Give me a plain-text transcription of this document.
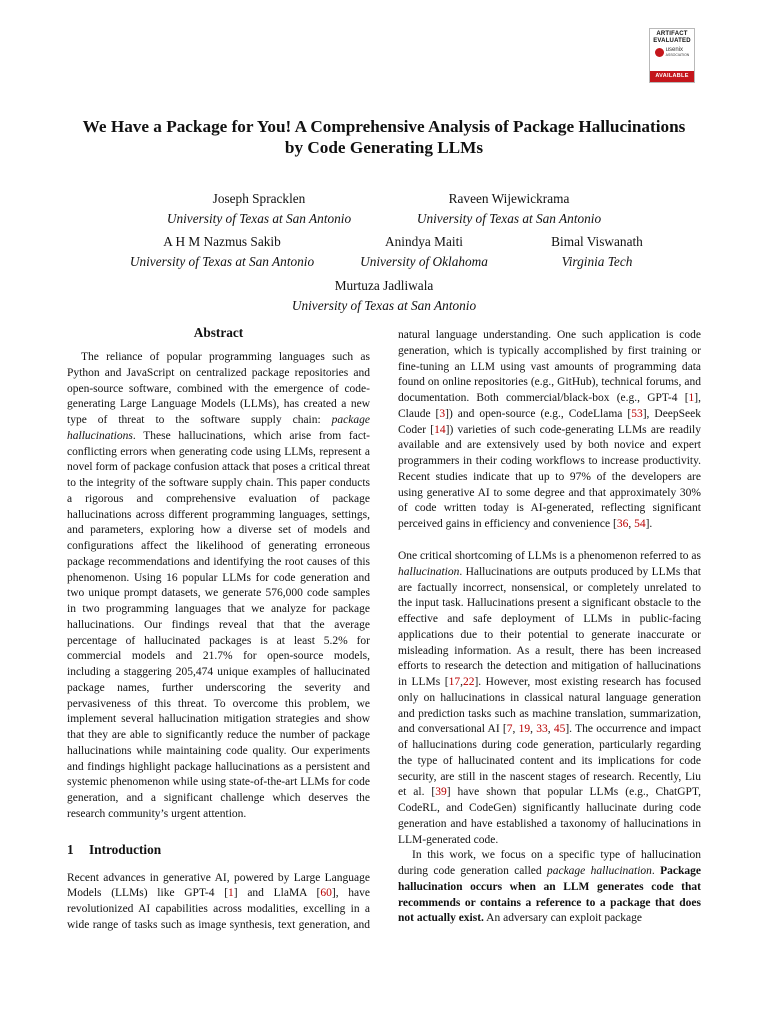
ARTIFACT
EVALUATED
usenix
ASSOCIATION
AVAILABLE
We Have a Package for You! A Comprehensive Analysis of Package Hallucinations
by Code Generating LLMs
Joseph Spracklen
University of Texas at San Antonio
Raveen Wijewickrama
University of Texas at San Antonio
A H M Nazmus Sakib
University of Texas at San Antonio
Anindya Maiti
University of Oklahoma
Bimal Viswanath
Virginia Tech
Murtuza Jadliwala
University of Texas at San Antonio
Abstract

The reliance of popular programming languages such as Python and JavaScript on centralized package repositories and open-source software, combined with the emergence of code-generating Large Language Models (LLMs), has created a new type of threat to the software supply chain: package hallucinations. These hallucinations, which arise from fact-conflicting errors when generating code using LLMs, represent a novel form of package confusion attack that poses a critical threat to the integrity of the software supply chain. This paper conducts a rigorous and comprehensive evaluation of package hallucinations across different programming languages, settings, and parameters, exploring how a diverse set of models and configurations affect the likelihood of generating erroneous package recommendations and identifying the root causes of this phenomenon. Using 16 popular LLMs for code generation and two unique prompt datasets, we generate 576,000 code samples in two programming languages that we analyze for package hallucinations. Our findings reveal that that the average percentage of hallucinated packages is at least 5.2% for commercial models and 21.7% for open-source models, including a staggering 205,474 unique examples of hallucinated package names, further underscoring the severity and pervasiveness of this threat. To overcome this problem, we implement several hallucination mitigation strategies and show that they are able to significantly reduce the number of package hallucinations while maintaining code quality. Our experiments and findings highlight package hallucinations as a persistent and systemic phenomenon while using state-of-the-art LLMs for code generation, and a significant challenge which deserves the research community’s urgent attention.

1 Introduction

Recent advances in generative AI, powered by Large Language Models (LLMs) like GPT-4 [1] and LlaMA [60], have revolutionized AI capabilities across modalities, excelling in a wide range of tasks such as image synthesis, text generation, and

natural language understanding. One such application is code generation, which is typically accomplished by first training or fine-tuning an LLM using vast amounts of programming data found on online repositories (e.g., GitHub), technical forums, and documentation. Both commercial/black-box (e.g., GPT-4 [1], Claude [3]) and open-source (e.g., CodeLlama [53], DeepSeek Coder [14]) varieties of such code-generating LLMs are readily available and are extensively used by both novice and expert programmers in their coding workflows to increase productivity. Recent studies indicate that up to 97% of the developers are using generative AI to some degree and that approximately 30% of code written today is AI-generated, reflecting significant perceived gains in efficiency and convenience [36, 54].

One critical shortcoming of LLMs is a phenomenon referred to as hallucination. Hallucinations are outputs produced by LLMs that are factually incorrect, nonsensical, or completely unrelated to the input task. Hallucinations present a significant obstacle to the effective and safe deployment of LLMs in public-facing applications due to their potential to generate inaccurate or misleading information. As a result, there has been increased efforts to research the detection and mitigation of hallucinations in LLMs [17,22]. However, most existing research has focused only on hallucinations in classical natural language generation and prediction tasks such as machine translation, summarization, and conversational AI [7, 19, 33, 45]. The occurrence and impact of hallucinations during code generation, particularly regarding the type of hallucinated content and its implications for code security, are still in the nascent stages of research. Recently, Liu et al. [39] have shown that popular LLMs (e.g., ChatGPT, CodeRL, and CodeGen) significantly hallucinate during code generation and have established a taxonomy of hallucinations in LLM-generated code.

In this work, we focus on a specific type of hallucination during code generation called package hallucination. Package hallucination occurs when an LLM generates code that recommends or contains a reference to a package that does not actually exist. An adversary can exploit package
